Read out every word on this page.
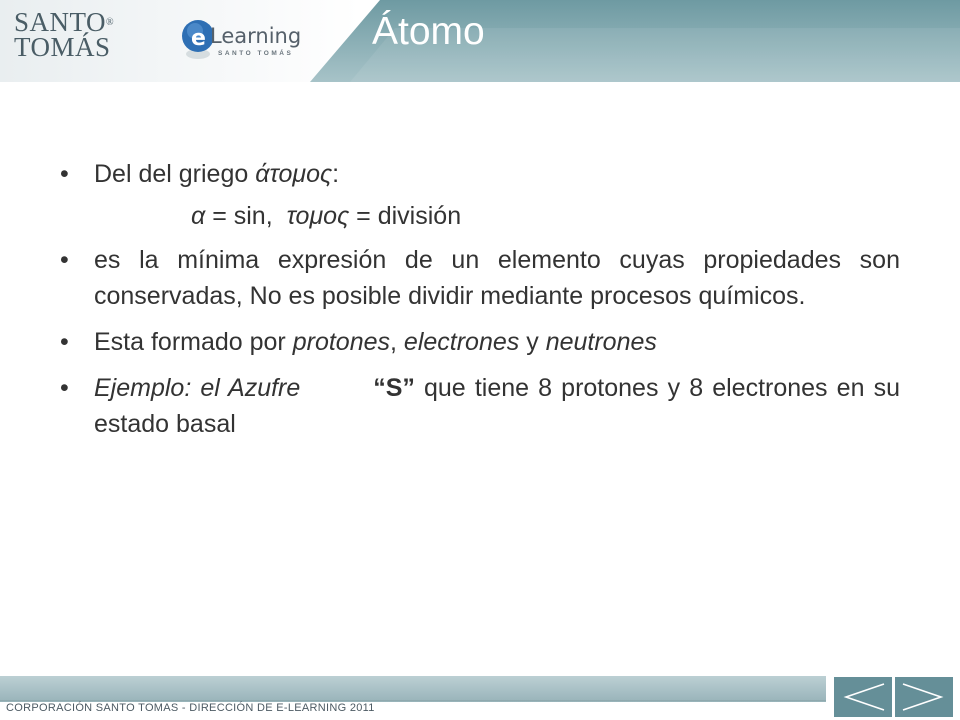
SANTO®
TOMÁS	e Learning
SANTO TOMÁS
Átomo
• Del del griego άτομος:
α = sin,  τομος = división
• es la mínima expresión de un elemento cuyas propiedades son conservadas, No es posible dividir mediante procesos químicos.
• Esta formado por protones, electrones y neutrones
• Ejemplo: el Azufre	“S” que tiene 8 protones y 8 electrones en su estado basal
CORPORACIÓN SANTO TOMAS - DIRECCIÓN DE E-LEARNING 2011
